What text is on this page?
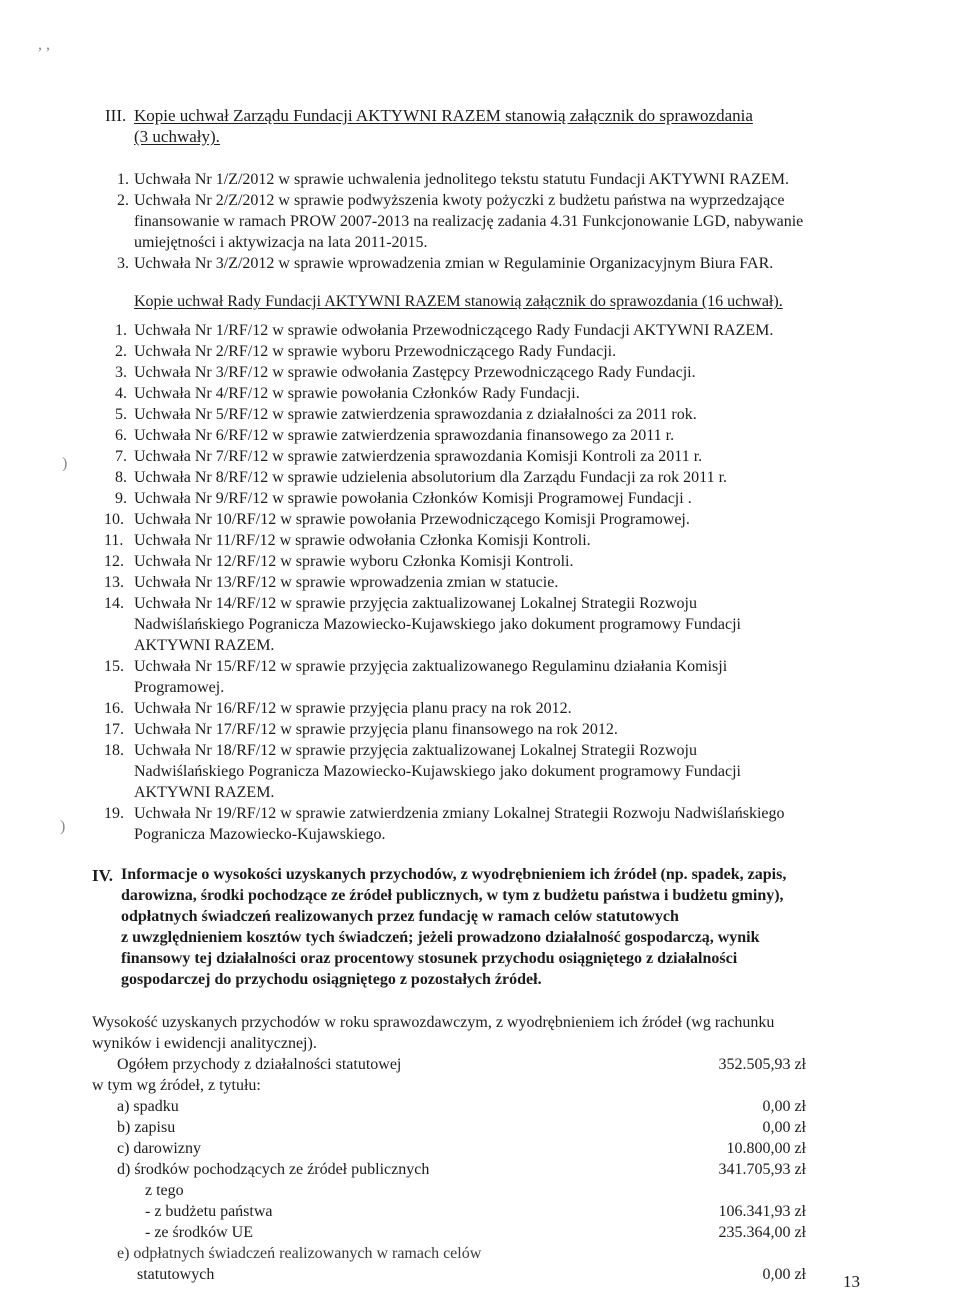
, ,
)
)
III. Kopie uchwał Zarządu Fundacji AKTYWNI RAZEM stanowią załącznik do sprawozdania
(3 uchwały).
1. Uchwała Nr 1/Z/2012 w sprawie uchwalenia jednolitego tekstu statutu Fundacji AKTYWNI RAZEM.
2. Uchwała Nr 2/Z/2012 w sprawie podwyższenia kwoty pożyczki z budżetu państwa na wyprzedzające
finansowanie w ramach PROW 2007-2013 na realizację zadania 4.31 Funkcjonowanie LGD, nabywanie
umiejętności i aktywizacja na lata 2011-2015.
3. Uchwała Nr 3/Z/2012 w sprawie wprowadzenia zmian w Regulaminie Organizacyjnym Biura FAR.
Kopie uchwał Rady Fundacji AKTYWNI RAZEM stanowią załącznik do sprawozdania (16 uchwał).
1. Uchwała Nr 1/RF/12 w sprawie odwołania Przewodniczącego Rady Fundacji AKTYWNI RAZEM.
2. Uchwała Nr 2/RF/12 w sprawie wyboru Przewodniczącego Rady Fundacji.
3. Uchwała Nr 3/RF/12 w sprawie odwołania Zastępcy Przewodniczącego Rady Fundacji.
4. Uchwała Nr 4/RF/12 w sprawie powołania Członków Rady Fundacji.
5. Uchwała Nr 5/RF/12 w sprawie zatwierdzenia sprawozdania z działalności za 2011 rok.
6. Uchwała Nr 6/RF/12 w sprawie zatwierdzenia sprawozdania finansowego za 2011 r.
7. Uchwała Nr 7/RF/12 w sprawie zatwierdzenia sprawozdania Komisji Kontroli za 2011 r.
8. Uchwała Nr 8/RF/12 w sprawie udzielenia absolutorium dla Zarządu Fundacji za rok 2011 r.
9. Uchwała Nr 9/RF/12 w sprawie powołania Członków Komisji Programowej Fundacji .
10. Uchwała Nr 10/RF/12 w sprawie powołania Przewodniczącego Komisji Programowej.
11. Uchwała Nr 11/RF/12 w sprawie odwołania Członka Komisji Kontroli.
12. Uchwała Nr 12/RF/12 w sprawie wyboru Członka Komisji Kontroli.
13. Uchwała Nr 13/RF/12 w sprawie wprowadzenia zmian w statucie.
14. Uchwała Nr 14/RF/12 w sprawie przyjęcia zaktualizowanej Lokalnej Strategii Rozwoju
Nadwiślańskiego Pogranicza Mazowiecko-Kujawskiego jako dokument programowy Fundacji
AKTYWNI RAZEM.
15. Uchwała Nr 15/RF/12 w sprawie przyjęcia zaktualizowanego Regulaminu działania Komisji
Programowej.
16. Uchwała Nr 16/RF/12 w sprawie przyjęcia planu pracy na rok 2012.
17. Uchwała Nr 17/RF/12 w sprawie przyjęcia planu finansowego na rok 2012.
18. Uchwała Nr 18/RF/12 w sprawie przyjęcia zaktualizowanej Lokalnej Strategii Rozwoju
Nadwiślańskiego Pogranicza Mazowiecko-Kujawskiego jako dokument programowy Fundacji
AKTYWNI RAZEM.
19. Uchwała Nr 19/RF/12 w sprawie zatwierdzenia zmiany Lokalnej Strategii Rozwoju Nadwiślańskiego
Pogranicza Mazowiecko-Kujawskiego.
IV. Informacje o wysokości uzyskanych przychodów, z wyodrębnieniem ich źródeł (np. spadek, zapis,
darowizna, środki pochodzące ze źródeł publicznych, w tym z budżetu państwa i budżetu gminy),
odpłatnych świadczeń realizowanych przez fundację w ramach celów statutowych
z uwzględnieniem kosztów tych świadczeń; jeżeli prowadzono działalność gospodarczą, wynik
finansowy tej działalności oraz procentowy stosunek przychodu osiągniętego z działalności
gospodarczej do przychodu osiągniętego z pozostałych źródeł.
Wysokość uzyskanych przychodów w roku sprawozdawczym, z wyodrębnieniem ich źródeł (wg rachunku
wyników i ewidencji analitycznej).
Ogółem przychody z działalności statutowej	352.505,93 zł
w tym wg źródeł, z tytułu:
a) spadku	0,00 zł
b) zapisu	0,00 zł
c) darowizny	10.800,00 zł
d) środków pochodzących ze źródeł publicznych	341.705,93 zł
z tego
- z budżetu państwa	106.341,93 zł
- ze środków UE	235.364,00 zł
e) odpłatnych świadczeń realizowanych w ramach celów
statutowych	0,00 zł 13
